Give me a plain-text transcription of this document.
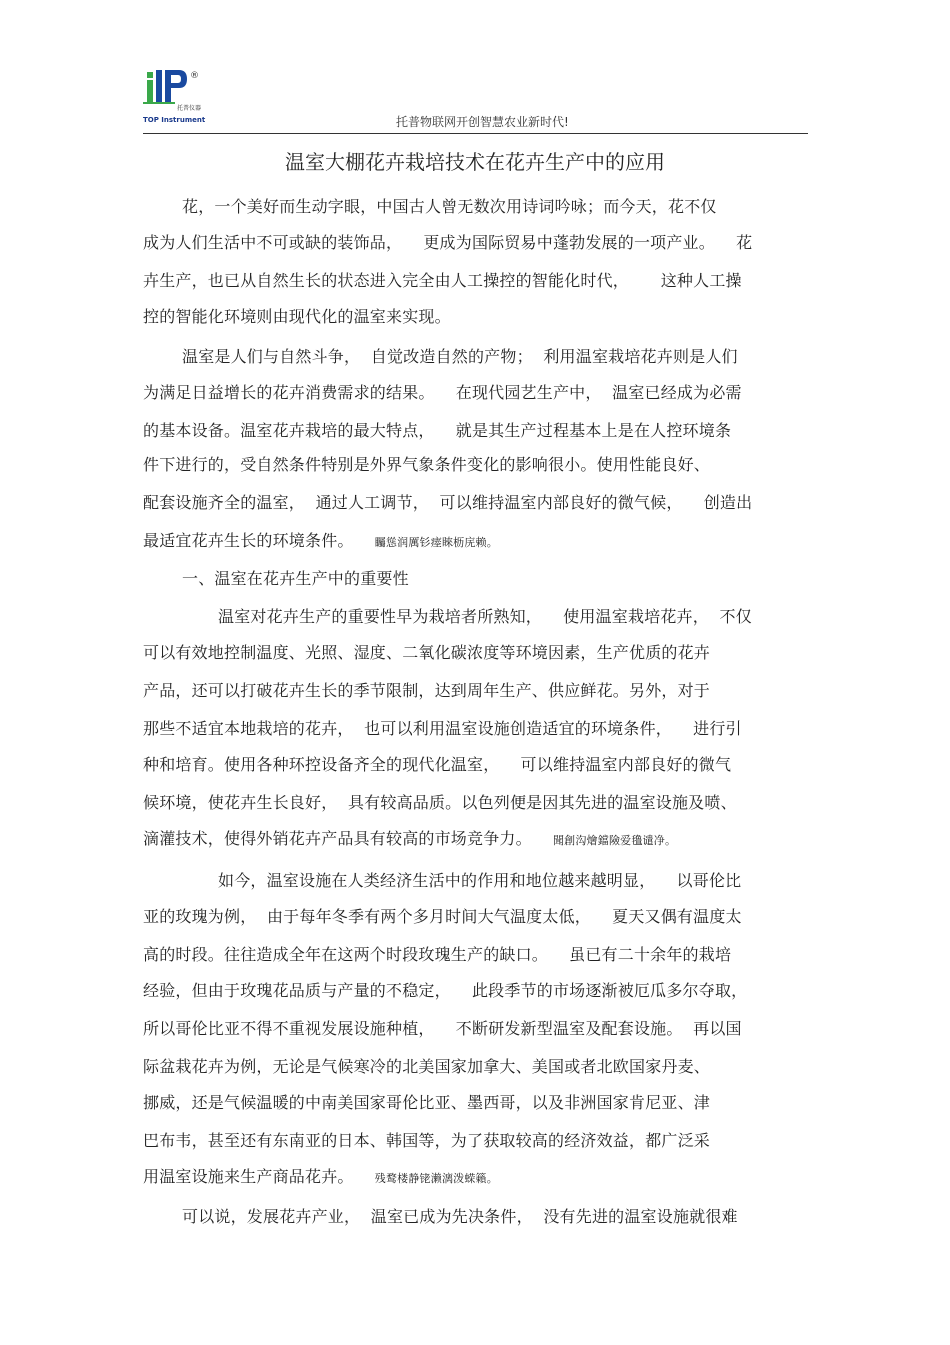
®
托普仪器
TOP Instrument	托普物联网开创智慧农业新时代!
温室大棚花卉栽培技术在花卉生产中的应用
花，一个美好而生动字眼，中国古人曾无数次用诗词吟咏；而今天，花不仅
成为人们生活中不可或缺的装饰品，    更成为国际贸易中蓬勃发展的一项产业。    花
卉生产，也已从自然生长的状态进入完全由人工操控的智能化时代，      这种人工操
控的智能化环境则由现代化的温室来实现。
温室是人们与自然斗争，  自觉改造自然的产物；  利用温室栽培花卉则是人们
为满足日益增长的花卉消费需求的结果。    在现代园艺生产中，  温室已经成为必需
的基本设备。温室花卉栽培的最大特点，    就是其生产过程基本上是在人控环境条
件下进行的，受自然条件特别是外界气象条件变化的影响很小。使用性能良好、
配套设施齐全的温室，  通过人工调节，  可以维持温室内部良好的微气候，    创造出
最适宜花卉生长的环境条件。    矚慫润厲钐瘗睞枥庑赖。
一、温室在花卉生产中的重要性
温室对花卉生产的重要性早为栽培者所熟知，    使用温室栽培花卉，  不仅
可以有效地控制温度、光照、湿度、二氧化碳浓度等环境因素，生产优质的花卉
产品，还可以打破花卉生长的季节限制，达到周年生产、供应鲜花。另外，对于
那些不适宜本地栽培的花卉，  也可以利用温室设施创造适宜的环境条件，    进行引
种和培育。使用各种环控设备齐全的现代化温室，    可以维持温室内部良好的微气
候环境，使花卉生长良好，  具有较高品质。以色列便是因其先进的温室设施及喷、
滴灌技术，使得外销花卉产品具有较高的市场竞争力。    聞創沟燴鐺險爱氇谴净。
如今，温室设施在人类经济生活中的作用和地位越来越明显，    以哥伦比
亚的玫瑰为例，  由于每年冬季有两个多月时间大气温度太低，    夏天又偶有温度太
高的时段。往往造成全年在这两个时段玫瑰生产的缺口。    虽已有二十余年的栽培
经验，但由于玫瑰花品质与产量的不稳定，    此段季节的市场逐渐被厄瓜多尔夺取，
所以哥伦比亚不得不重视发展设施种植，    不断研发新型温室及配套设施。  再以国
际盆栽花卉为例，无论是气候寒冷的北美国家加拿大、美国或者北欧国家丹麦、
挪威，还是气候温暖的中南美国家哥伦比亚、墨西哥，以及非洲国家肯尼亚、津
巴布韦，甚至还有东南亚的日本、韩国等，为了获取较高的经济效益，都广泛采
用温室设施来生产商品花卉。    残鹜楼静铑濑漓泼蝾籟。
可以说，发展花卉产业，  温室已成为先决条件，  没有先进的温室设施就很难
